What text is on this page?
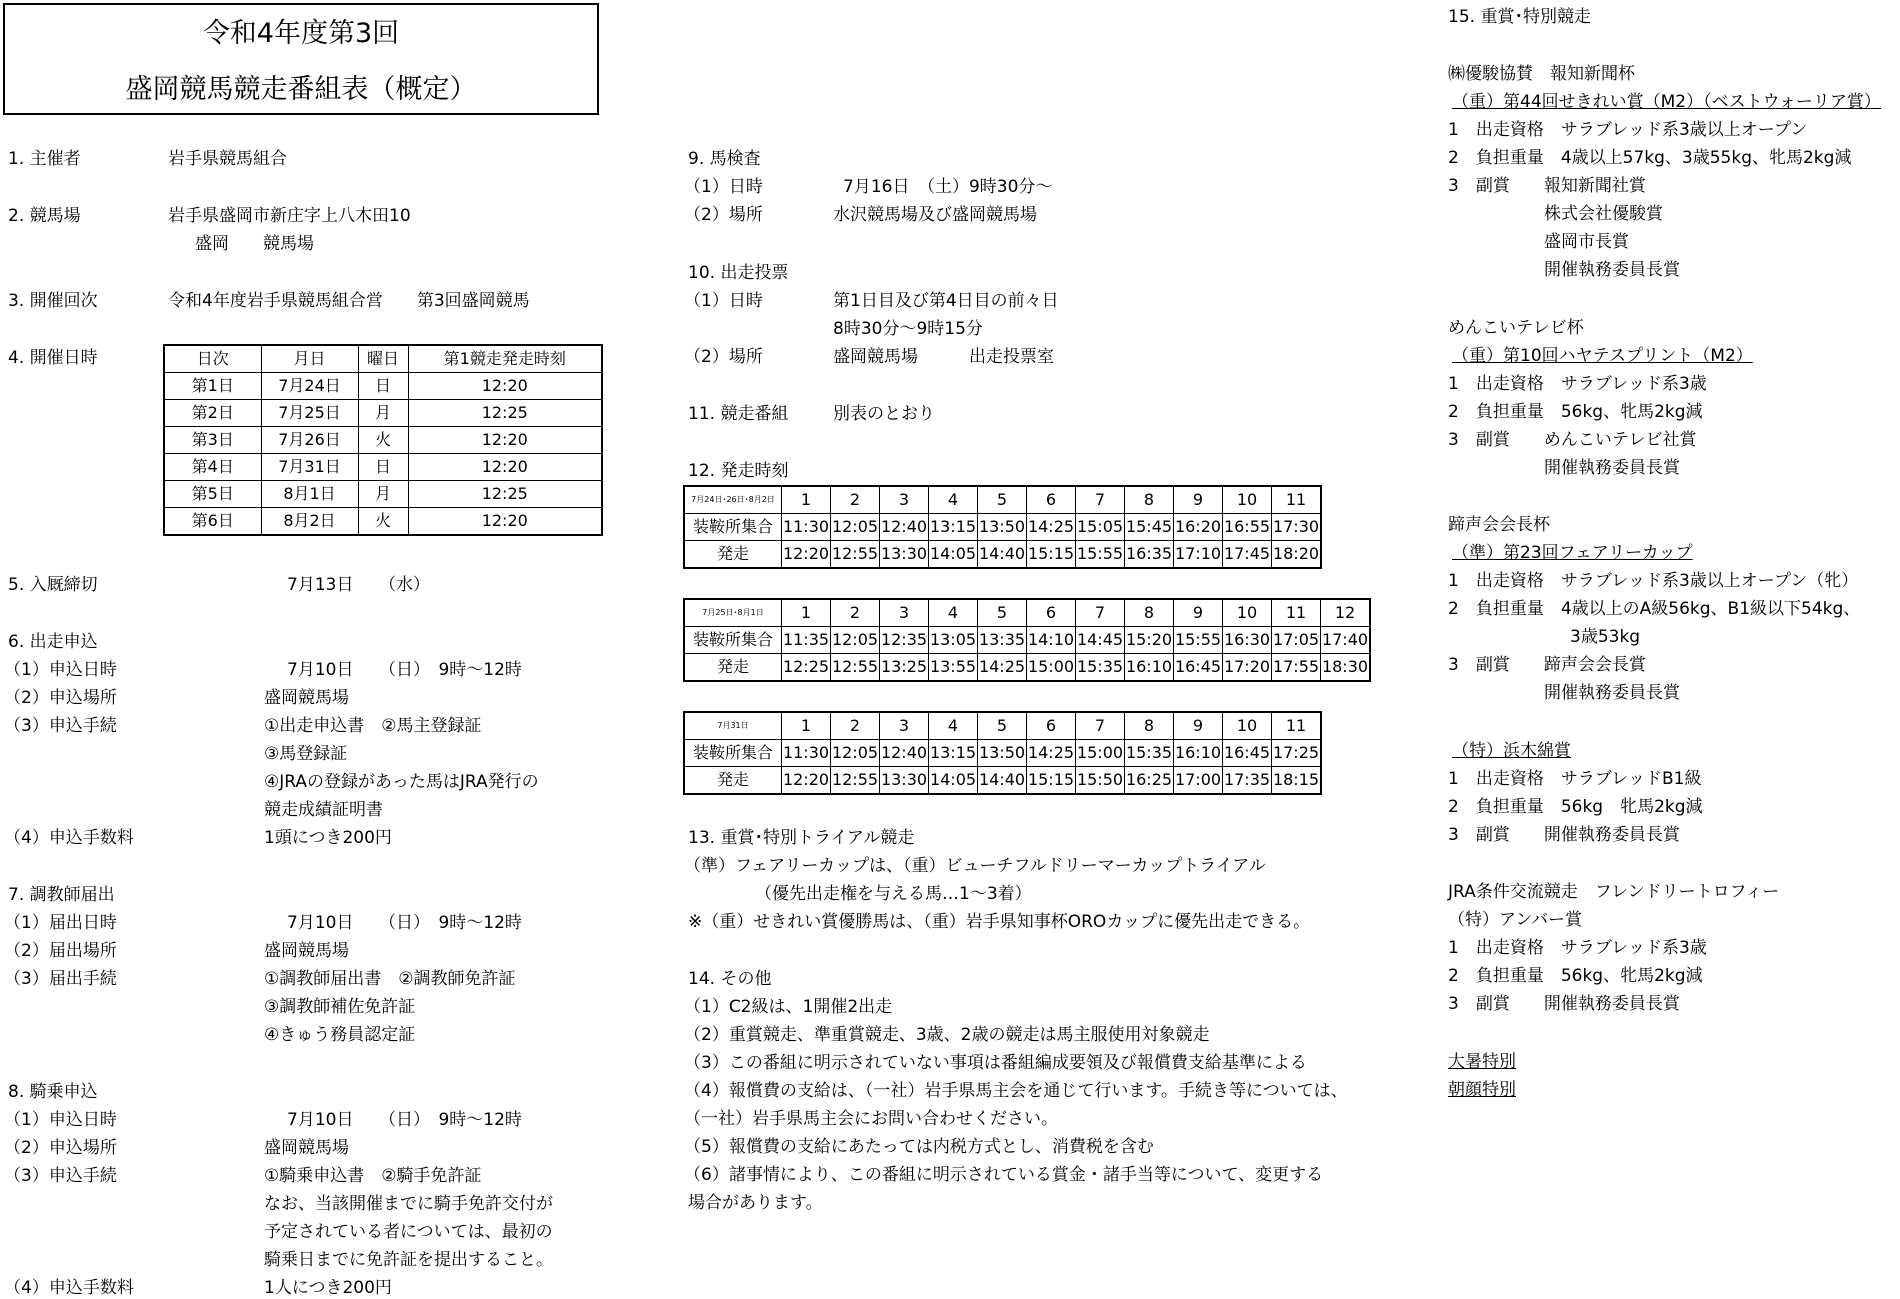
令和4年度第3回
盛岡競馬競走番組表（概定）
1. 主催者	岩手県競馬組合
2. 競馬場	岩手県盛岡市新庄字上八木田10
盛岡　　競馬場
3. 開催回次	令和4年度岩手県競馬組合営　　第3回盛岡競馬
4. 開催日時	日次	月日	曜日	第1競走発走時刻
第1日	7月24日	日	12:20
第2日	7月25日	月	12:25
第3日	7月26日	火	12:20
第4日	7月31日	日	12:20
第5日	8月1日	月	12:25
第6日	8月2日	火	12:20
5. 入厩締切	7月13日　　（水）
6. 出走申込
（1）申込日時	7月10日　　（日）　9時～12時
（2）申込場所	盛岡競馬場
（3）申込手続	①出走申込書　②馬主登録証
③馬登録証
④JRAの登録があった馬はJRA発行の
競走成績証明書
（4）申込手数料	1頭につき200円
7. 調教師届出
（1）届出日時	7月10日　　（日）　9時～12時
（2）届出場所	盛岡競馬場
（3）届出手続	①調教師届出書　②調教師免許証
③調教師補佐免許証
④きゅう務員認定証
8. 騎乗申込
（1）申込日時	7月10日　　（日）　9時～12時
（2）申込場所	盛岡競馬場
（3）申込手続	①騎乗申込書　②騎手免許証
なお、当該開催までに騎手免許交付が
予定されている者については、最初の
騎乗日までに免許証を提出すること。
（4）申込手数料	1人につき200円
9. 馬検査
（1）日時	7月16日　（土）9時30分～
（2）場所	水沢競馬場及び盛岡競馬場
10. 出走投票
（1）日時	第1日目及び第4日目の前々日
8時30分～9時15分
（2）場所	盛岡競馬場　　　出走投票室
11. 競走番組	別表のとおり
12. 発走時刻
7月24日･26日･8月2日	1	2	3	4	5	6	7	8	9	10	11
装鞍所集合	11:30	12:05	12:40	13:15	13:50	14:25	15:05	15:45	16:20	16:55	17:30
発走	12:20	12:55	13:30	14:05	14:40	15:15	15:55	16:35	17:10	17:45	18:20
7月25日･8月1日	1	2	3	4	5	6	7	8	9	10	11	12
装鞍所集合	11:35	12:05	12:35	13:05	13:35	14:10	14:45	15:20	15:55	16:30	17:05	17:40
発走	12:25	12:55	13:25	13:55	14:25	15:00	15:35	16:10	16:45	17:20	17:55	18:30
7月31日	1	2	3	4	5	6	7	8	9	10	11
装鞍所集合	11:30	12:05	12:40	13:15	13:50	14:25	15:00	15:35	16:10	16:45	17:25
発走	12:20	12:55	13:30	14:05	14:40	15:15	15:50	16:25	17:00	17:35	18:15
13. 重賞･特別トライアル競走
（準）フェアリーカップは、（重）ビューチフルドリーマーカップトライアル
（優先出走権を与える馬…1～3着）
※（重）せきれい賞優勝馬は、（重）岩手県知事杯OROカップに優先出走できる。
14. その他
（1）C2級は、1開催2出走
（2）重賞競走、準重賞競走、3歳、2歳の競走は馬主服使用対象競走
（3）この番組に明示されていない事項は番組編成要領及び報償費支給基準による
（4）報償費の支給は、（一社）岩手県馬主会を通じて行います。手続き等については、
（一社）岩手県馬主会にお問い合わせください。
（5）報償費の支給にあたっては内税方式とし、消費税を含む
（6）諸事情により、この番組に明示されている賞金・諸手当等について、変更する
場合があります。
15. 重賞･特別競走
㈱優駿協賛　報知新聞杯
（重）第44回せきれい賞（M2）（ベストウォーリア賞）
1　出走資格　サラブレッド系3歳以上オープン
2　負担重量　4歳以上57kg、3歳55kg、牝馬2kg減
3　副賞　　報知新聞社賞
株式会社優駿賞
盛岡市長賞
開催執務委員長賞
めんこいテレビ杯
（重）第10回ハヤテスプリント（M2）
1　出走資格　サラブレッド系3歳
2　負担重量　56kg、牝馬2kg減
3　副賞　　めんこいテレビ社賞
開催執務委員長賞
蹄声会会長杯
（準）第23回フェアリーカップ
1　出走資格　サラブレッド系3歳以上オープン（牝）
2　負担重量　4歳以上のA級56kg、B1級以下54kg、
3歳53kg
3　副賞　　蹄声会会長賞
開催執務委員長賞
（特）浜木綿賞
1　出走資格　サラブレッドB1級
2　負担重量　56kg　牝馬2kg減
3　副賞　　開催執務委員長賞
JRA条件交流競走　フレンドリートロフィー
（特）アンバー賞
1　出走資格　サラブレッド系3歳
2　負担重量　56kg、牝馬2kg減
3　副賞　　開催執務委員長賞
大暑特別
朝顔特別
